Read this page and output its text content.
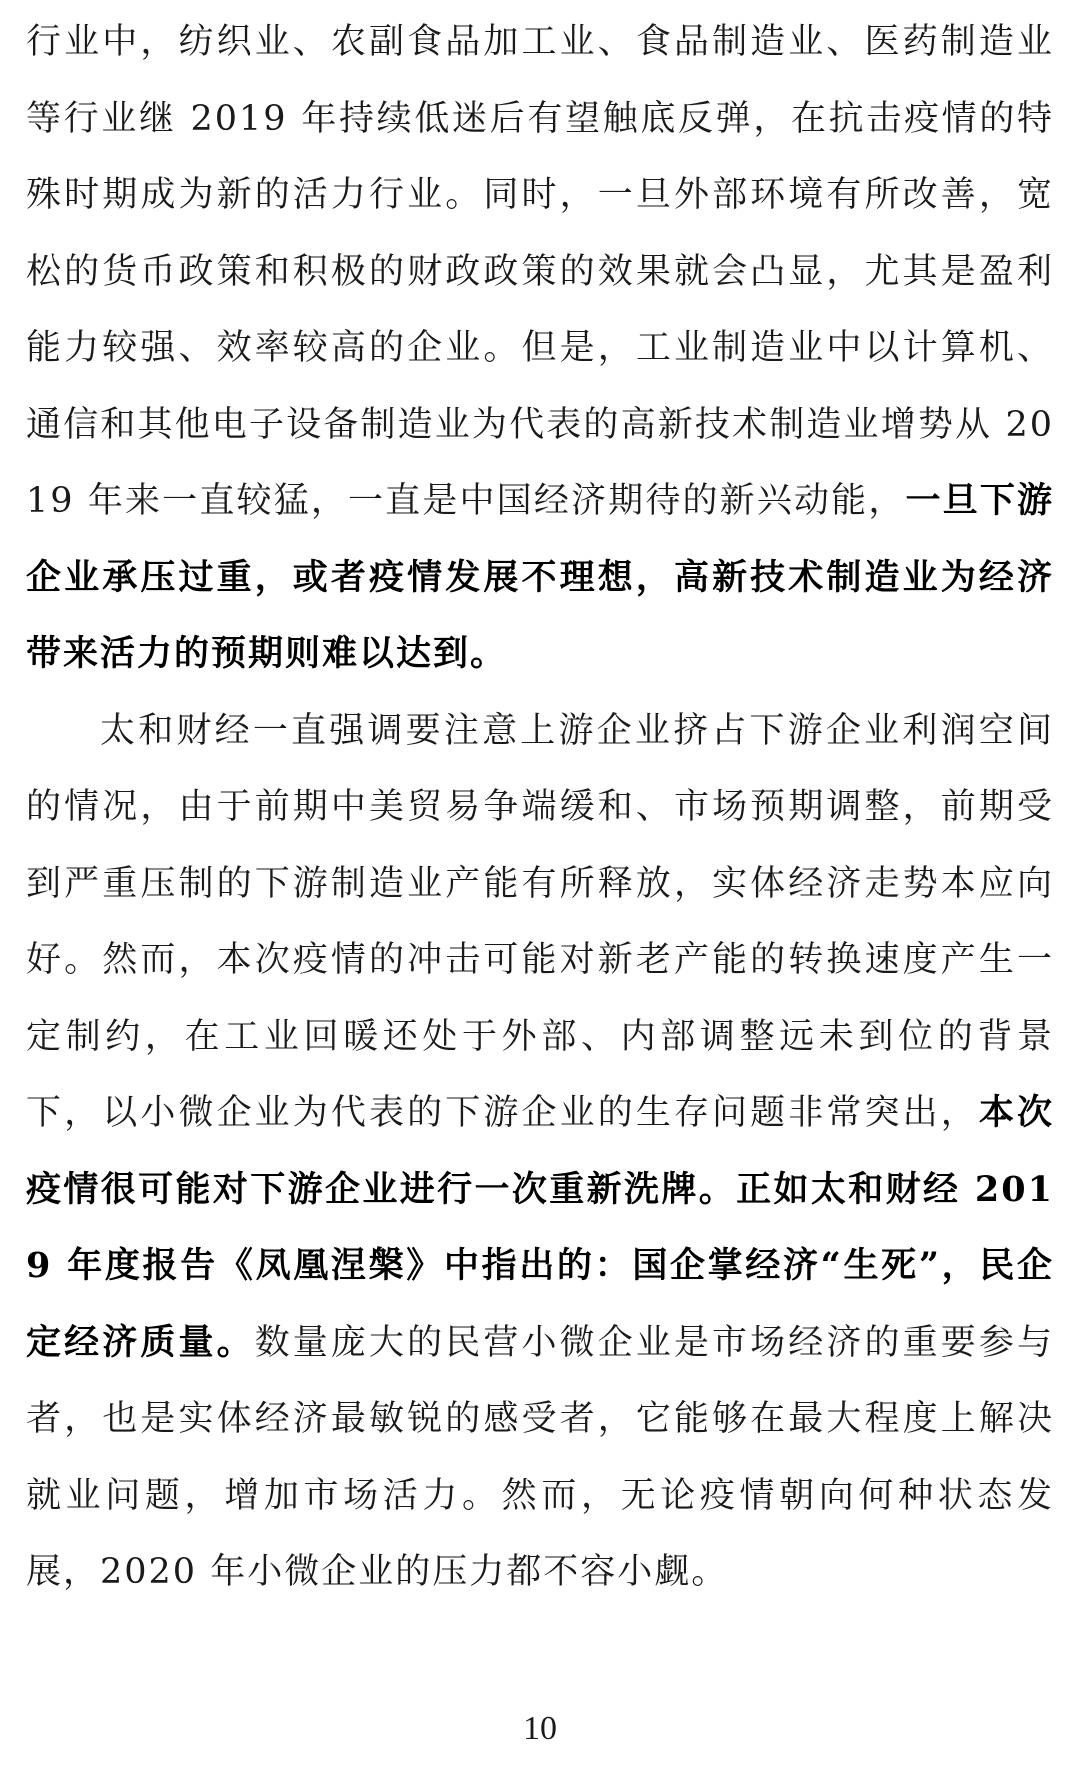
行业中，纺织业、农副食品加工业、食品制造业、医药制造业等行业继 2019 年持续低迷后有望触底反弹，在抗击疫情的特殊时期成为新的活力行业。同时，一旦外部环境有所改善，宽松的货币政策和积极的财政政策的效果就会凸显，尤其是盈利能力较强、效率较高的企业。但是，工业制造业中以计算机、通信和其他电子设备制造业为代表的高新技术制造业增势从 2019 年来一直较猛，一直是中国经济期待的新兴动能，一旦下游企业承压过重，或者疫情发展不理想，高新技术制造业为经济带来活力的预期则难以达到。

太和财经一直强调要注意上游企业挤占下游企业利润空间的情况，由于前期中美贸易争端缓和、市场预期调整，前期受到严重压制的下游制造业产能有所释放，实体经济走势本应向好。然而，本次疫情的冲击可能对新老产能的转换速度产生一定制约，在工业回暖还处于外部、内部调整远未到位的背景下，以小微企业为代表的下游企业的生存问题非常突出，本次疫情很可能对下游企业进行一次重新洗牌。正如太和财经 2019 年度报告《凤凰涅槃》中指出的：国企掌经济“生死”，民企定经济质量。数量庞大的民营小微企业是市场经济的重要参与者，也是实体经济最敏锐的感受者，它能够在最大程度上解决就业问题，增加市场活力。然而，无论疫情朝向何种状态发展，2020 年小微企业的压力都不容小觑。

10
